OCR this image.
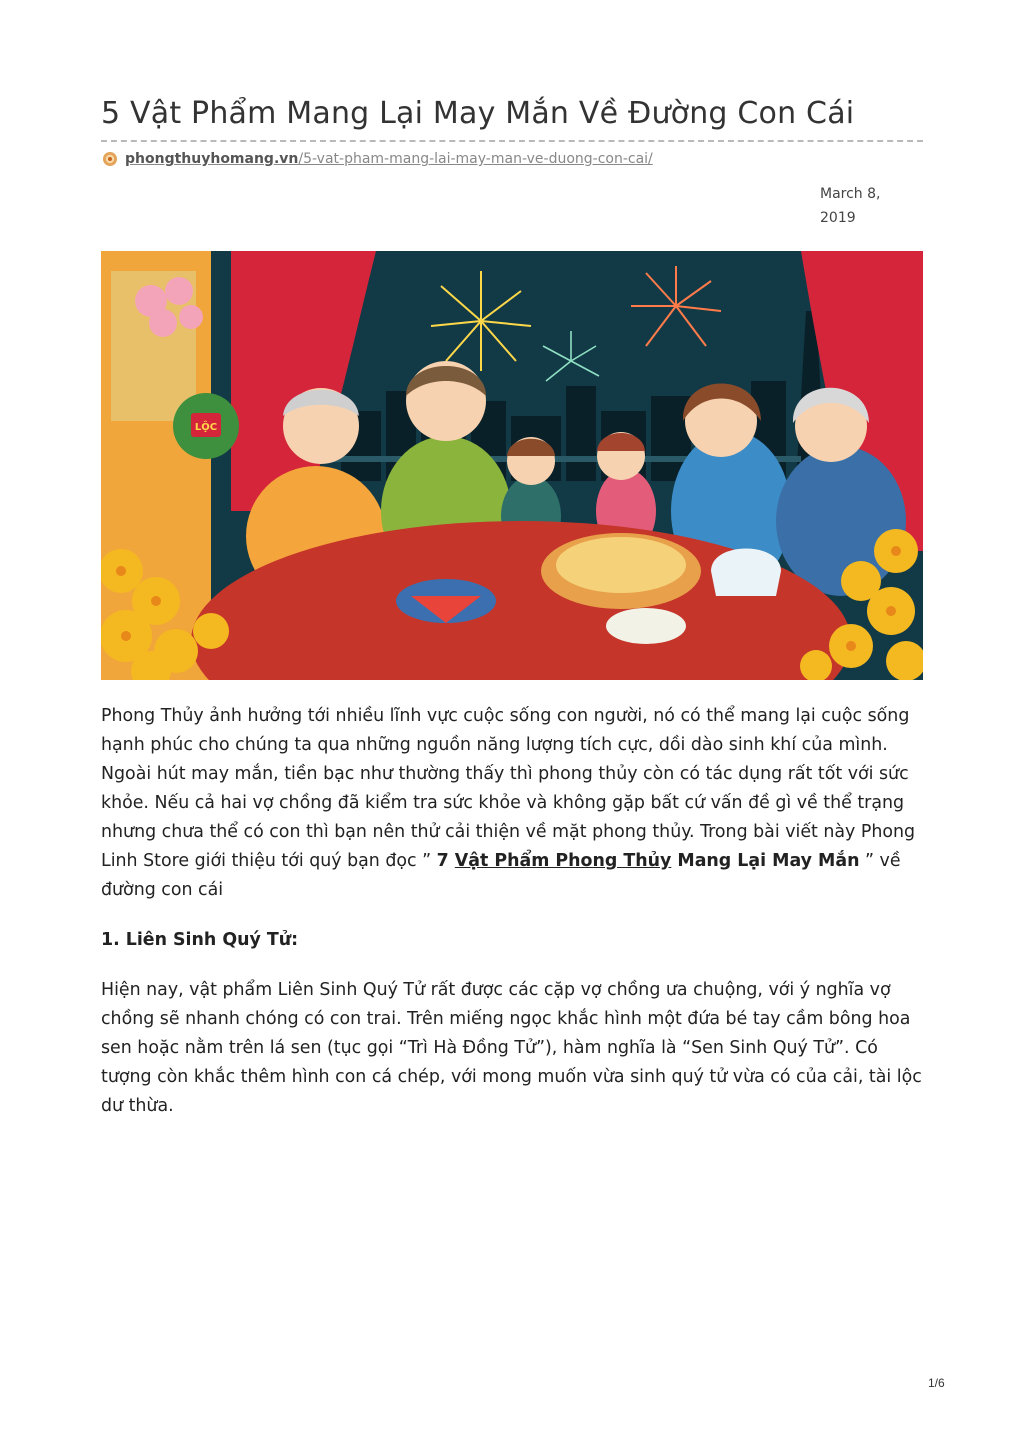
5 Vật Phẩm Mang Lại May Mắn Về Đường Con Cái
phongthuyhomang.vn/5-vat-pham-mang-lai-may-man-ve-duong-con-cai/
March 8,
2019
LỘC

Phong Thủy ảnh hưởng tới nhiều lĩnh vực cuộc sống con người, nó có thể mang lại cuộc sống hạnh phúc cho chúng ta qua những nguồn năng lượng tích cực, dồi dào sinh khí của mình. Ngoài hút may mắn, tiền bạc như thường thấy thì phong thủy còn có tác dụng rất tốt với sức khỏe. Nếu cả hai vợ chồng đã kiểm tra sức khỏe và không gặp bất cứ vấn đề gì về thể trạng nhưng chưa thể có con thì bạn nên thử cải thiện về mặt phong thủy. Trong bài viết này Phong Linh Store giới thiệu tới quý bạn đọc ” 7 Vật Phẩm Phong Thủy Mang Lại May Mắn ” về đường con cái

1. Liên Sinh Quý Tử:

Hiện nay, vật phẩm Liên Sinh Quý Tử rất được các cặp vợ chồng ưa chuộng, với ý nghĩa vợ chồng sẽ nhanh chóng có con trai. Trên miếng ngọc khắc hình một đứa bé tay cầm bông hoa sen hoặc nằm trên lá sen (tục gọi “Trì Hà Đồng Tử”), hàm nghĩa là “Sen Sinh Quý Tử”. Có tượng còn khắc thêm hình con cá chép, với mong muốn vừa sinh quý tử vừa có của cải, tài lộc dư thừa.

1/6
